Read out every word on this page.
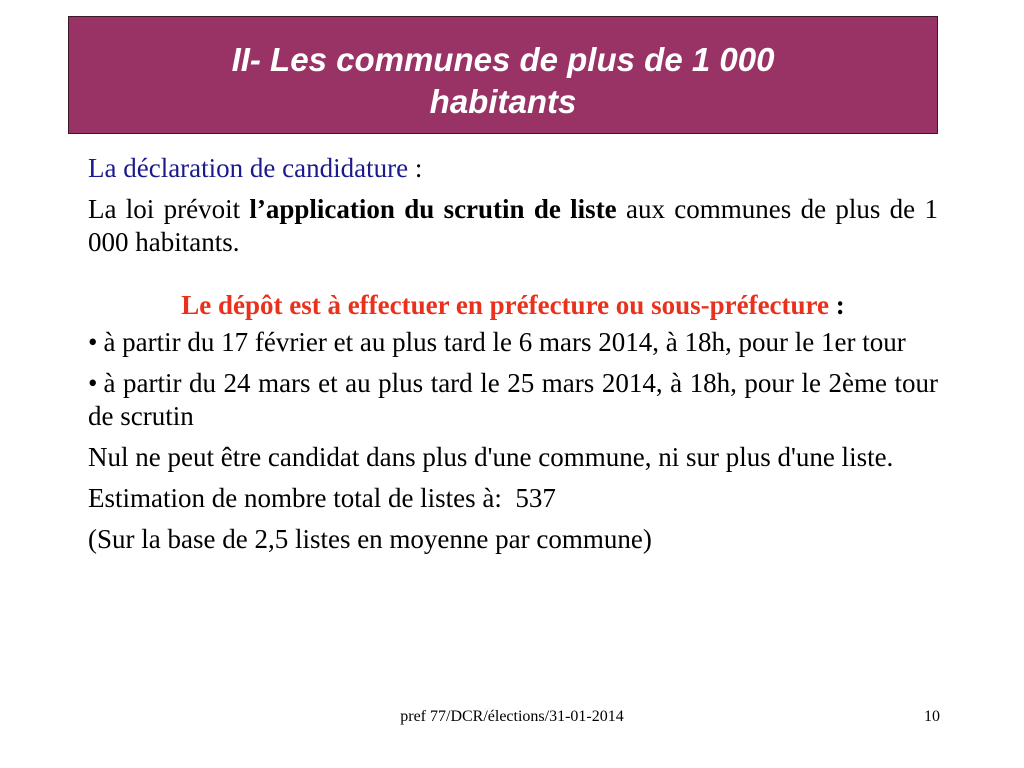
II- Les communes de plus de 1 000
habitants

La déclaration de candidature :

La loi prévoit l’application du scrutin de liste aux communes de plus de 1 000 habitants.

Le dépôt est à effectuer en préfecture ou sous-préfecture :

• à partir du 17 février et au plus tard le 6 mars 2014, à 18h, pour le 1er tour
• à partir du 24 mars et au plus tard le 25 mars 2014, à 18h, pour le 2ème tour de scrutin

Nul ne peut être candidat dans plus d'une commune, ni sur plus d'une liste.

Estimation de nombre total de listes à:  537

(Sur la base de 2,5 listes en moyenne par commune)

pref 77/DCR/élections/31-01-2014	10
